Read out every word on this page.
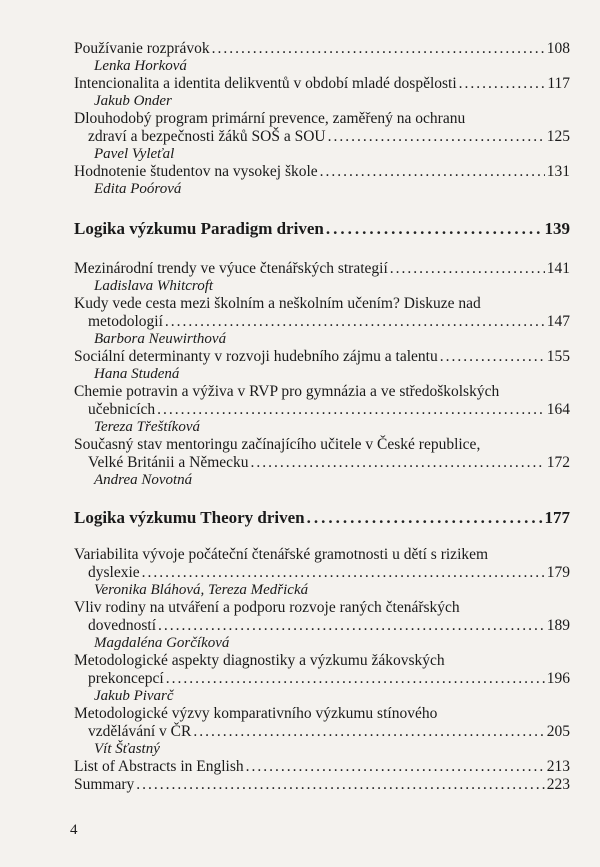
Používanie rozprávok .....	108
Lenka Horková
Intencionalita a identita delikventů v období mladé dospělosti .....	117
Jakub Onder
Dlouhodobý program primární prevence, zaměřený na ochranu
zdraví a bezpečnosti žáků SOŠ a SOU .....	125
Pavel Vyleťal
Hodnotenie študentov na vysokej škole .....	131
Edita Poórová
Logika výzkumu Paradigm driven .....	139
Mezinárodní trendy ve výuce čtenářských strategií .....	141
Ladislava Whitcroft
Kudy vede cesta mezi školním a neškolním učením? Diskuze nad
metodologií .....	147
Barbora Neuwirthová
Sociální determinanty v rozvoji hudebního zájmu a talentu .....	155
Hana Studená
Chemie potravin a výživa v RVP pro gymnázia a ve středoškolských
učebnicích .....	164
Tereza Třeštíková
Současný stav mentoringu začínajícího učitele v České republice,
Velké Británii a Německu .....	172
Andrea Novotná
Logika výzkumu Theory driven .....	177
Variabilita vývoje počáteční čtenářské gramotnosti u dětí s rizikem
dyslexie .....	179
Veronika Bláhová, Tereza Medřická
Vliv rodiny na utváření a podporu rozvoje raných čtenářských
dovedností .....	189
Magdaléna Gorčíková
Metodologické aspekty diagnostiky a výzkumu žákovských
prekoncepcí .....	196
Jakub Pivarč
Metodologické výzvy komparativního výzkumu stínového
vzdělávání v ČR .....	205
Vít Šťastný
List of Abstracts in English .....	213
Summary .....	223
4
